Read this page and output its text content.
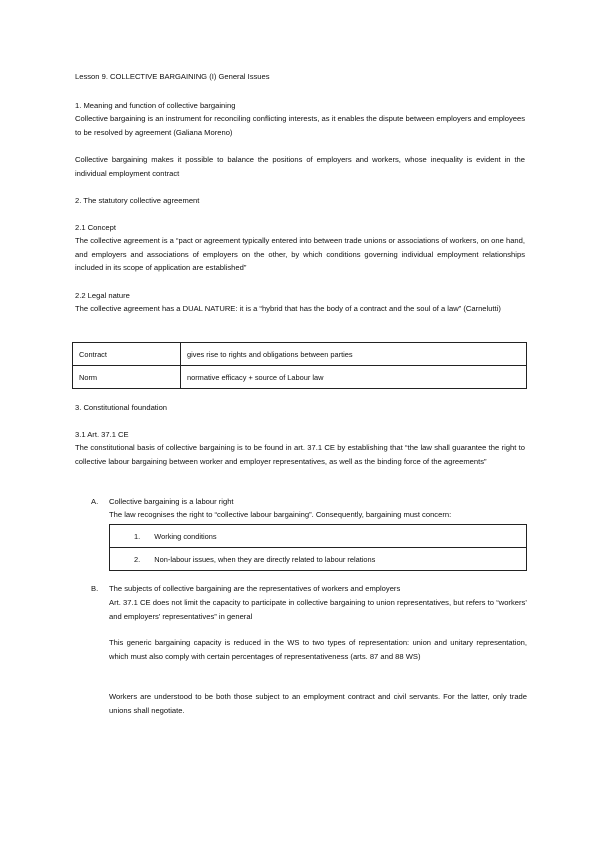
Lesson 9. COLLECTIVE BARGAINING (I) General Issues
1. Meaning and function of collective bargaining
Collective bargaining is an instrument for reconciling conflicting interests, as it enables the dispute between employers and employees to be resolved by agreement (Galiana Moreno)
Collective bargaining makes it possible to balance the positions of employers and workers, whose inequality is evident in the individual employment contract
2. The statutory collective agreement
2.1 Concept
The collective agreement is a “pact or agreement typically entered into between trade unions or associations of workers, on one hand, and employers and associations of employers on the other, by which conditions governing individual employment relationships included in its scope of application are established”
2.2 Legal nature
The collective agreement has a DUAL NATURE: it is a “hybrid that has the body of a contract and the soul of a law” (Carnelutti)
Contract	gives rise to rights and obligations between parties
Norm	normative efficacy + source of Labour law
3. Constitutional foundation
3.1 Art. 37.1 CE
The constitutional basis of collective bargaining is to be found in art. 37.1 CE by establishing that “the law shall guarantee the right to collective labour bargaining between worker and employer representatives, as well as the binding force of the agreements”
A. Collective bargaining is a labour right
The law recognises the right to “collective labour bargaining”. Consequently, bargaining must concern:
1. Working conditions
2. Non-labour issues, when they are directly related to labour relations
B. The subjects of collective bargaining are the representatives of workers and employers
Art. 37.1 CE does not limit the capacity to participate in collective bargaining to union representatives, but refers to “workers’ and employers’ representatives” in general
This generic bargaining capacity is reduced in the WS to two types of representation: union and unitary representation, which must also comply with certain percentages of representativeness (arts. 87 and 88 WS)
Workers are understood to be both those subject to an employment contract and civil servants. For the latter, only trade unions shall negotiate.
